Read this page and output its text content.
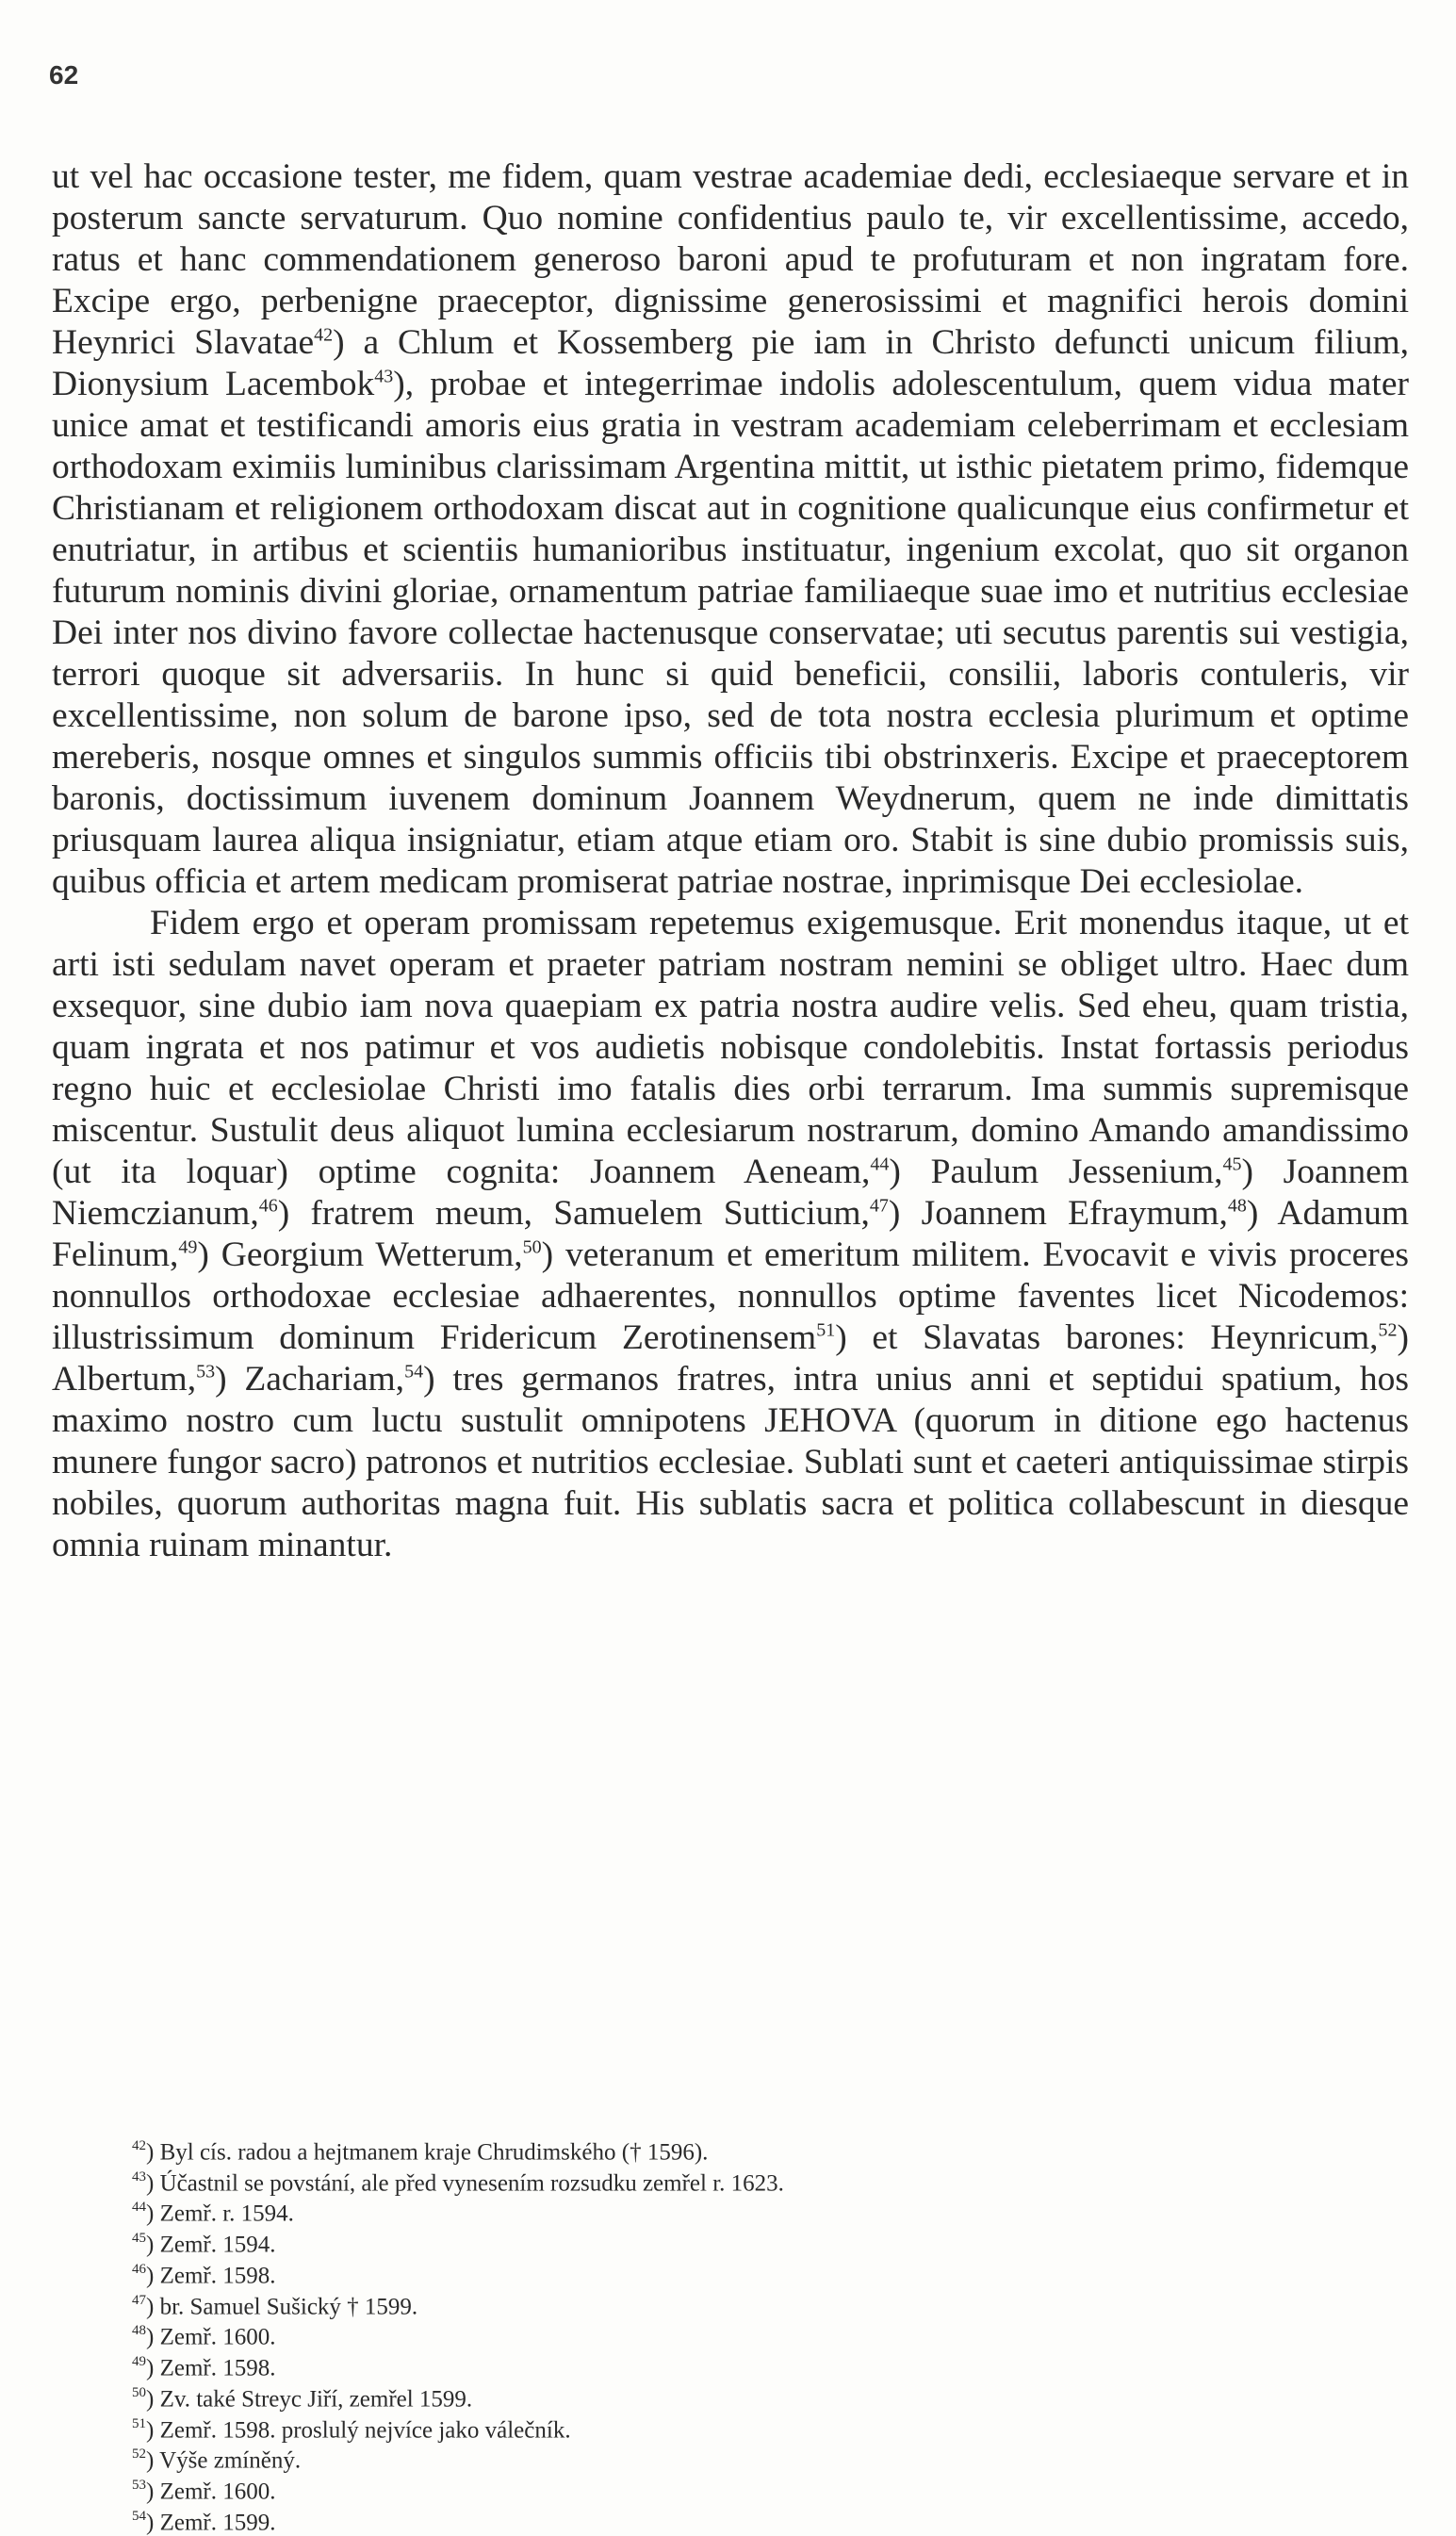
62

ut vel hac occasione tester, me fidem, quam vestrae academiae dedi, ecclesiaeque servare et in posterum sancte servaturum. Quo nomine confidentius paulo te, vir excellentissime, accedo, ratus et hanc commendationem generoso baroni apud te profuturam et non ingratam fore. Excipe ergo, perbenigne praeceptor, dignissime generosissimi et magnifici herois domini Heynrici Slavatae$^{42}$) a Chlum et Kossemberg pie iam in Christo defuncti unicum filium, Dionysium Lacembok$^{43}$), probae et integerrimae indolis adolescentulum, quem vidua mater unice amat et testificandi amoris eius gratia in vestram academiam celeberrimam et ecclesiam orthodoxam eximiis luminibus clarissimam Argentina mittit, ut isthic pietatem primo, fidemque Christianam et religionem orthodoxam discat aut in cognitione qualicunque eius confirmetur et enutriatur, in artibus et scientiis humanioribus instituatur, ingenium excolat, quo sit organon futurum nominis divini gloriae, ornamentum patriae familiaeque suae imo et nutritius ecclesiae Dei inter nos divino favore collectae hactenusque conservatae; uti secutus parentis sui vestigia, terrori quoque sit adversariis. In hunc si quid beneficii, consilii, laboris contuleris, vir excellentissime, non solum de barone ipso, sed de tota nostra ecclesia plurimum et optime mereberis, nosque omnes et singulos summis officiis tibi obstrinxeris. Excipe et praeceptorem baronis, doctissimum iuvenem dominum Joannem Weydnerum, quem ne inde dimittatis priusquam laurea aliqua insigniatur, etiam atque etiam oro. Stabit is sine dubio promissis suis, quibus officia et artem medicam promiserat patriae nostrae, inprimisque Dei ecclesiolae.

Fidem ergo et operam promissam repetemus exigemusque. Erit monendus itaque, ut et arti isti sedulam navet operam et praeter patriam nostram nemini se obliget ultro. Haec dum exsequor, sine dubio iam nova quaepiam ex patria nostra audire velis. Sed eheu, quam tristia, quam ingrata et nos patimur et vos audietis nobisque condolebitis. Instat fortassis periodus regno huic et ecclesiolae Christi imo fatalis dies orbi terrarum. Ima summis supremisque miscentur. Sustulit deus aliquot lumina ecclesiarum nostrarum, domino Amando amandissimo (ut ita loquar) optime cognita: Joannem Aeneam,$^{44}$) Paulum Jessenium,$^{45}$) Joannem Niemczianum,$^{46}$) fratrem meum, Samuelem Sutticium,$^{47}$) Joannem Efraymum,$^{48}$) Adamum Felinum,$^{49}$) Georgium Wetterum,$^{50}$) veteranum et emeritum militem. Evocavit e vivis proceres nonnullos orthodoxae ecclesiae adhaerentes, nonnullos optime faventes licet Nicodemos: illustrissimum dominum Fridericum Zerotinensem$^{51}$) et Slavatas barones: Heynricum,$^{52}$) Albertum,$^{53}$) Zachariam,$^{54}$) tres germanos fratres, intra unius anni et septidui spatium, hos maximo nostro cum luctu sustulit omnipotens JEHOVA (quorum in ditione ego hactenus munere fungor sacro) patronos et nutritios ecclesiae. Sublati sunt et caeteri antiquissimae stirpis nobiles, quorum authoritas magna fuit. His sublatis sacra et politica collabescunt in diesque omnia ruinam minantur.

$^{42}$) Byl cís. radou a hejtmanem kraje Chrudimského († 1596).
$^{43}$) Účastnil se povstání, ale před vynesením rozsudku zemřel r. 1623.
$^{44}$) Zemř. r. 1594.
$^{45}$) Zemř. 1594.
$^{46}$) Zemř. 1598.
$^{47}$) br. Samuel Sušický † 1599.
$^{48}$) Zemř. 1600.
$^{49}$) Zemř. 1598.
$^{50}$) Zv. také Streyc Jiří, zemřel 1599.
$^{51}$) Zemř. 1598. proslulý nejvíce jako válečník.
$^{52}$) Výše zmíněný.
$^{53}$) Zemř. 1600.
$^{54}$) Zemř. 1599.
